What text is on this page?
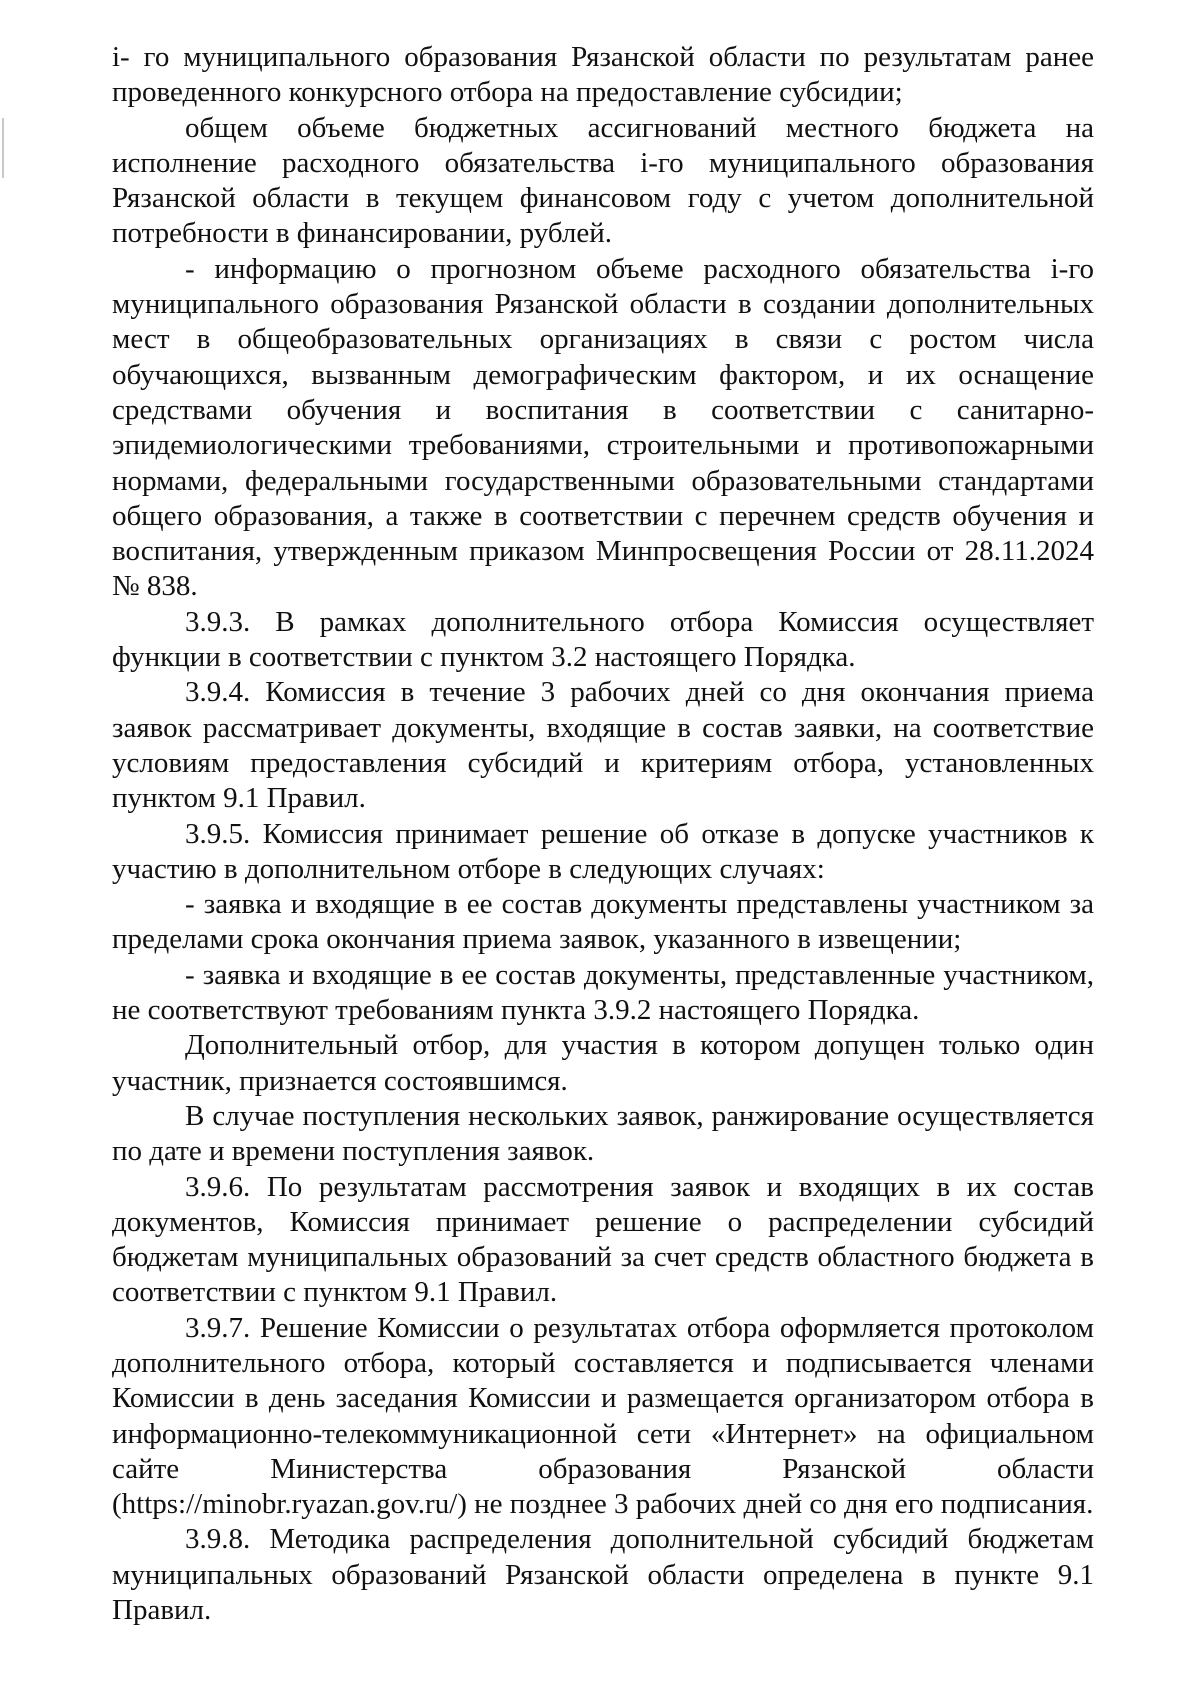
i- го муниципального образования Рязанской области по результатам ранее проведенного конкурсного отбора на предоставление субсидии;

общем объеме бюджетных ассигнований местного бюджета на исполнение расходного обязательства i-го муниципального образования Рязанской области в текущем финансовом году с учетом дополнительной потребности в финансировании, рублей.

- информацию о прогнозном объеме расходного обязательства i-го муниципального образования Рязанской области в создании дополнительных мест в общеобразовательных организациях в связи с ростом числа обучающихся, вызванным демографическим фактором, и их оснащение средствами обучения и воспитания в соответствии с санитарно-эпидемиологическими требованиями, строительными и противопожарными нормами, федеральными государственными образовательными стандартами общего образования, а также в соответствии с перечнем средств обучения и воспитания, утвержденным приказом Минпросвещения России от 28.11.2024 № 838.

3.9.3. В рамках дополнительного отбора Комиссия осуществляет функции в соответствии с пунктом 3.2 настоящего Порядка.

3.9.4. Комиссия в течение 3 рабочих дней со дня окончания приема заявок рассматривает документы, входящие в состав заявки, на соответствие условиям предоставления субсидий и критериям отбора, установленных пунктом 9.1 Правил.

3.9.5. Комиссия принимает решение об отказе в допуске участников к участию в дополнительном отборе в следующих случаях:

- заявка и входящие в ее состав документы представлены участником за пределами срока окончания приема заявок, указанного в извещении;

- заявка и входящие в ее состав документы, представленные участником, не соответствуют требованиям пункта 3.9.2 настоящего Порядка.

Дополнительный отбор, для участия в котором допущен только один участник, признается состоявшимся.

В случае поступления нескольких заявок, ранжирование осуществляется по дате и времени поступления заявок.

3.9.6. По результатам рассмотрения заявок и входящих в их состав документов, Комиссия принимает решение о распределении субсидий бюджетам муниципальных образований за счет средств областного бюджета в соответствии с пунктом 9.1 Правил.

3.9.7. Решение Комиссии о результатах отбора оформляется протоколом дополнительного отбора, который составляется и подписывается членами Комиссии в день заседания Комиссии и размещается организатором отбора в информационно-телекоммуникационной сети «Интернет» на официальном сайте Министерства образования Рязанской области (https://minobr.ryazan.gov.ru/) не позднее 3 рабочих дней со дня его подписания.

3.9.8. Методика распределения дополнительной субсидий бюджетам муниципальных образований Рязанской области определена в пункте 9.1 Правил.
